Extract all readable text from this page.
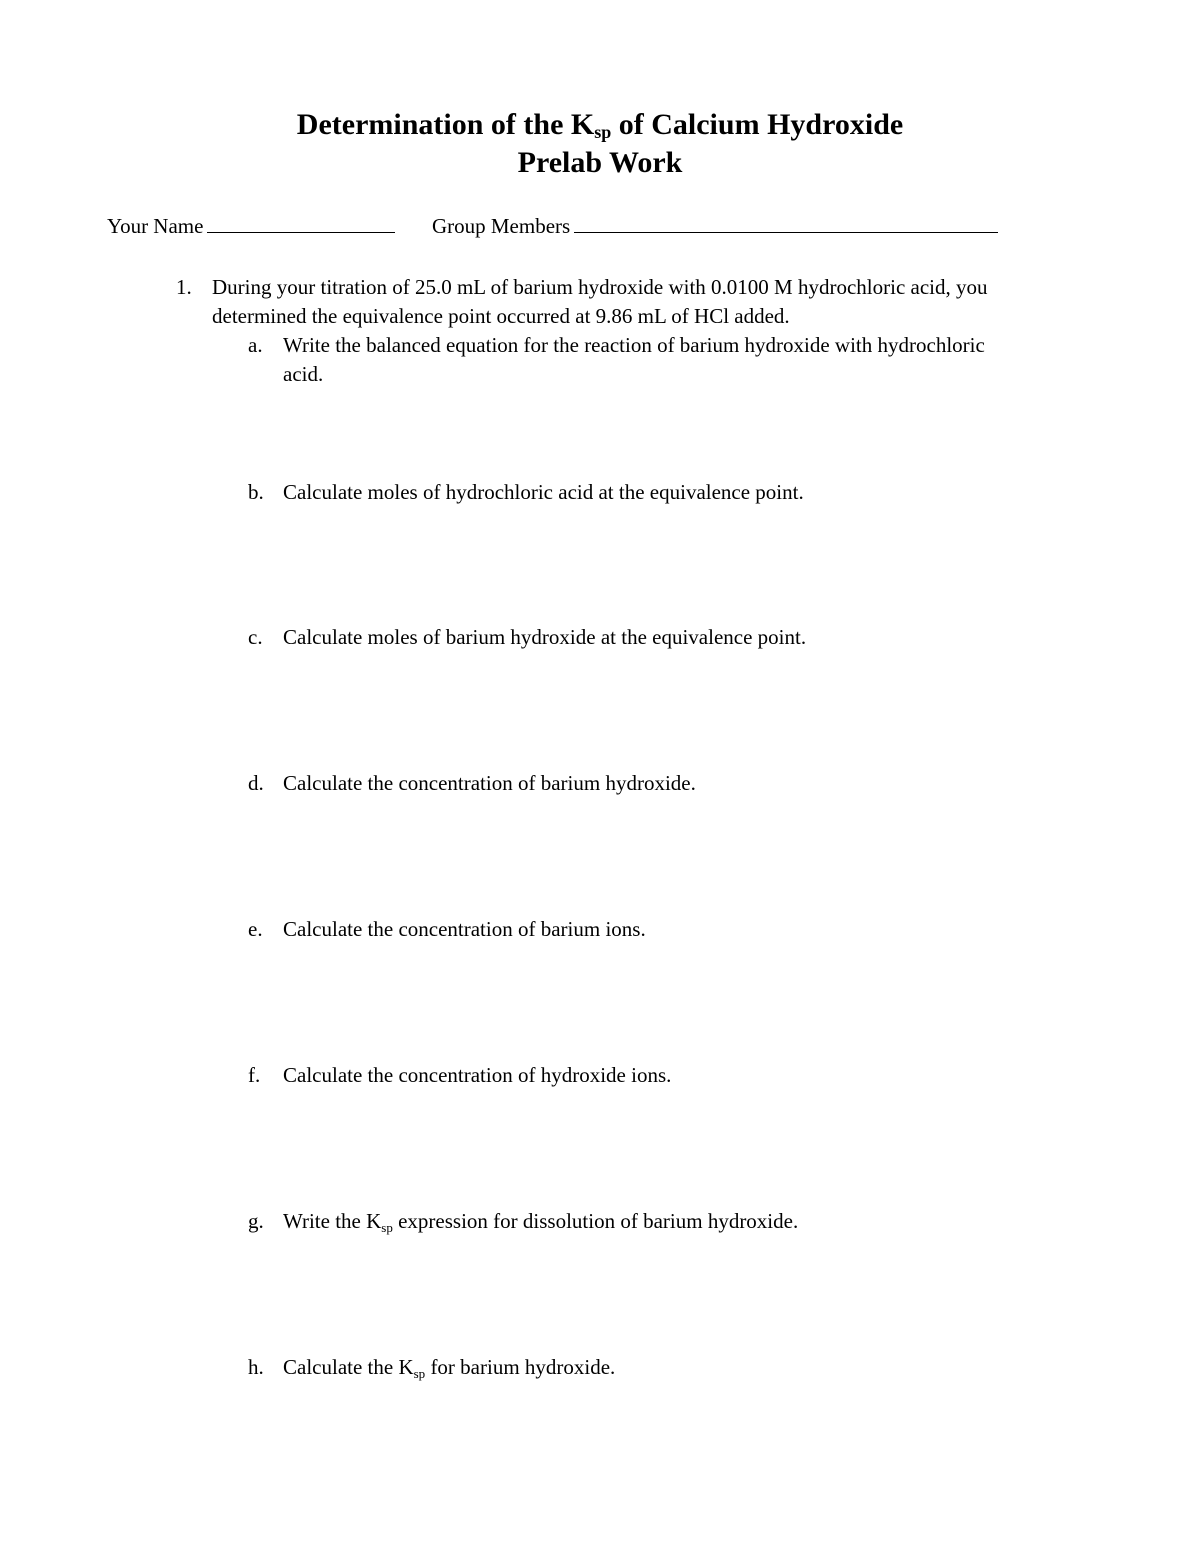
Determination of the Ksp of Calcium Hydroxide
Prelab Work
Your Name	Group Members
1. During your titration of 25.0 mL of barium hydroxide with 0.0100 M hydrochloric acid, you
determined the equivalence point occurred at 9.86 mL of HCl added.
a. Write the balanced equation for the reaction of barium hydroxide with hydrochloric
acid.
b. Calculate moles of hydrochloric acid at the equivalence point.
c. Calculate moles of barium hydroxide at the equivalence point.
d. Calculate the concentration of barium hydroxide.
e. Calculate the concentration of barium ions.
f. Calculate the concentration of hydroxide ions.
g. Write the Ksp expression for dissolution of barium hydroxide.
h. Calculate the Ksp for barium hydroxide.
